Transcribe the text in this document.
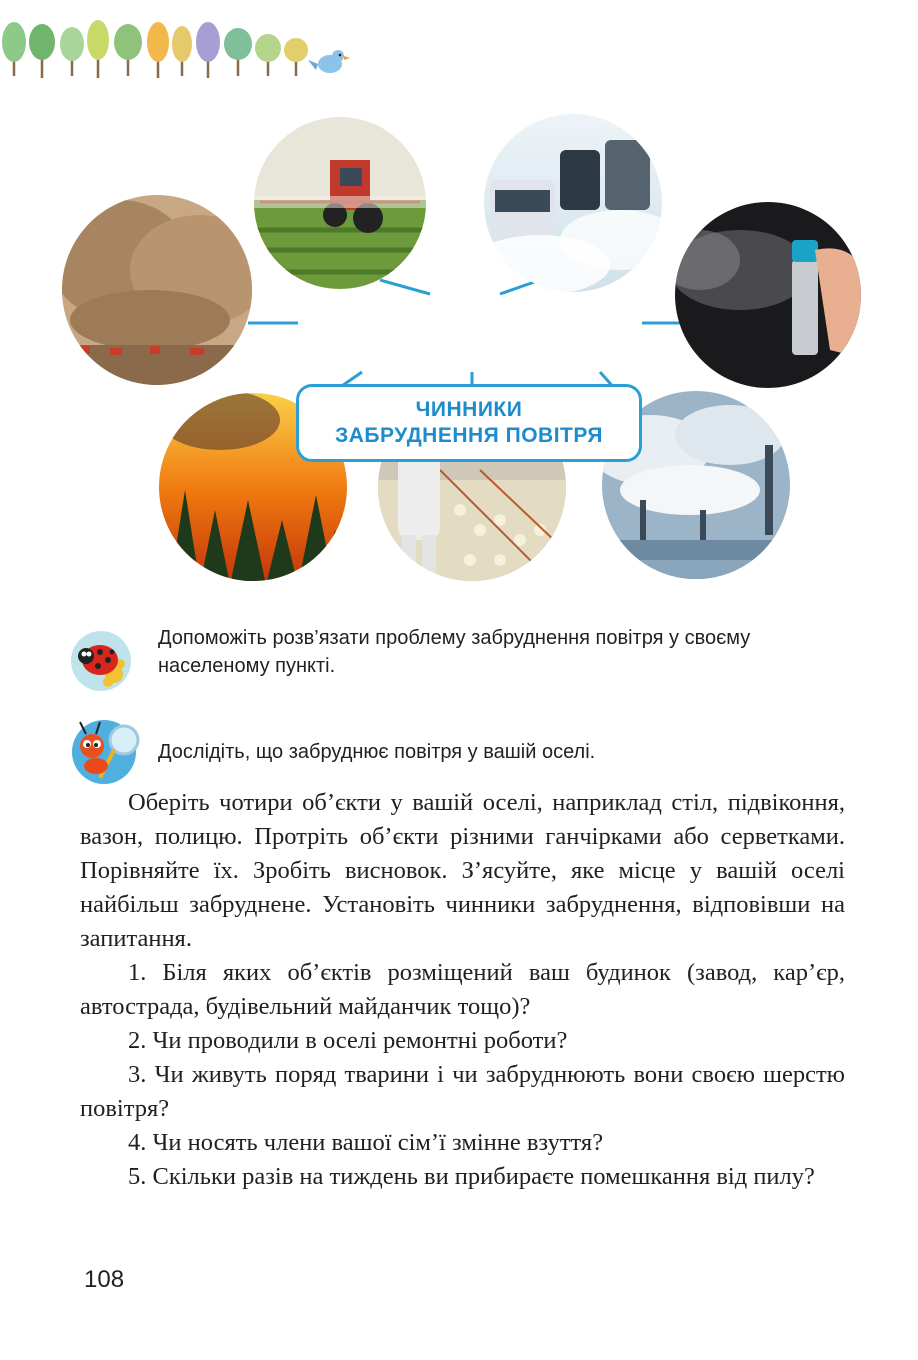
ЧИННИКИ
ЗАБРУДНЕННЯ ПОВІТРЯ
Допоможіть розв’язати проблему забруднення повітря у своєму населеному пункті.
Дослідіть, що забруднює повітря у вашій оселі.

Оберіть чотири об’єкти у вашій оселі, наприклад стіл, підвіконня, вазон, полицю. Протріть об’єкти різними ганчірками або серветками. Порівняйте їх. Зробіть висновок. З’ясуйте, яке місце у вашій оселі найбільш забруднене. Установіть чинники забруднення, відповівши на запитання.

1. Біля яких об’єктів розміщений ваш будинок (завод, кар’єр, автострада, будівельний майданчик тощо)?

2. Чи проводили в оселі ремонтні роботи?

3. Чи живуть поряд тварини і чи забруднюють вони своєю шерстю повітря?

4. Чи носять члени вашої сім’ї змінне взуття?

5. Скільки разів на тиждень ви прибираєте помешкання від пилу?

108
